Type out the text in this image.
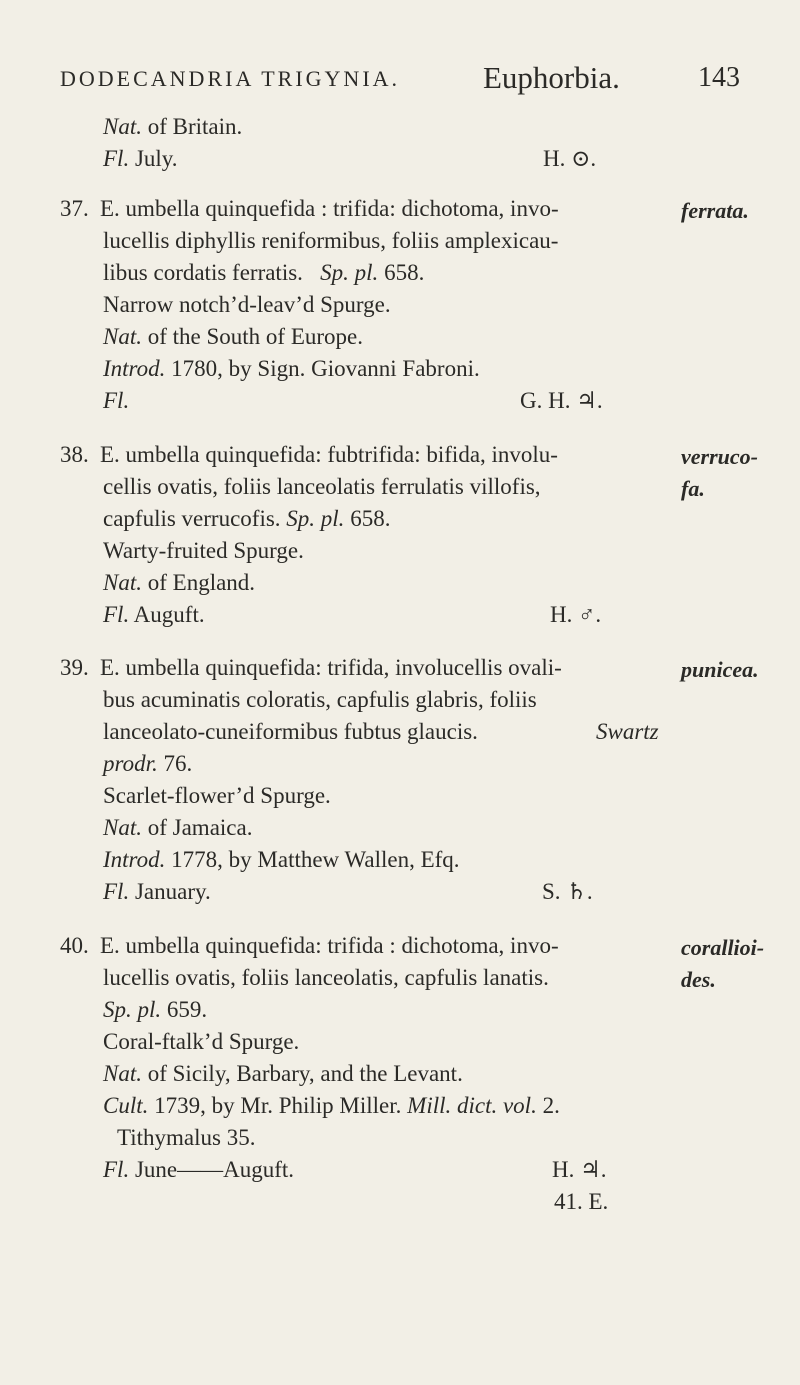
DODECANDRIA TRIGYNIA.	Euphorbia.	143
Nat. of Britain.
Fl. July.	H. ⊙.
37. E. umbella quinquefida : trifida: dichotoma, invo-
lucellis diphyllis reniformibus, foliis amplexicau-
libus cordatis ferratis. Sp. pl. 658.
Narrow notch’d-leav’d Spurge.
Nat. of the South of Europe.
Introd. 1780, by Sign. Giovanni Fabroni.
Fl.	G. H. ♃.
ferrata.
38. E. umbella quinquefida: fubtrifida: bifida, involu-
cellis ovatis, foliis lanceolatis ferrulatis villofis,
capfulis verrucofis. Sp. pl. 658.
Warty-fruited Spurge.
Nat. of England.
Fl. Auguft.	H. ♂.
verruco-
fa.
39. E. umbella quinquefida: trifida, involucellis ovali-
bus acuminatis coloratis, capfulis glabris, foliis
lanceolato-cuneiformibus fubtus glaucis.	Swartz
prodr. 76.
Scarlet-flower’d Spurge.
Nat. of Jamaica.
Introd. 1778, by Matthew Wallen, Efq.
Fl. January.	S. ♄.
punicea.
40. E. umbella quinquefida: trifida : dichotoma, invo-
lucellis ovatis, foliis lanceolatis, capfulis lanatis.
Sp. pl. 659.
Coral-ftalk’d Spurge.
Nat. of Sicily, Barbary, and the Levant.
Cult. 1739, by Mr. Philip Miller. Mill. dict. vol. 2.
Tithymalus 35.
Fl. June——Auguft.	H. ♃.
corallioi-
des.
41. E.
